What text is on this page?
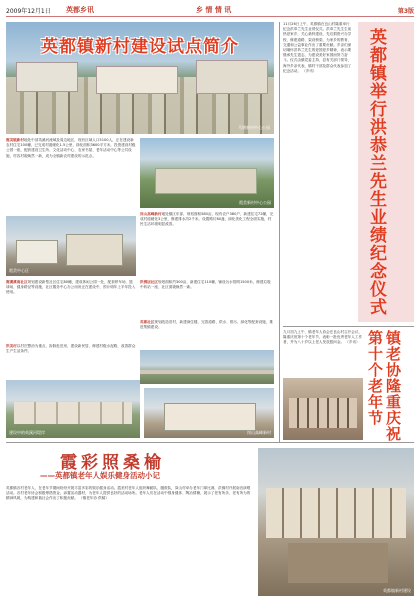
2009年12月1日 英都乡讯	乡 情 情 讯	第3版
英都镇新村建设试点简介
马塘新村中心公园
霞美镇新村地处中部英溪河流域及周边地区，现有区域人口5100人，正在建设新农村住宅100幢，已完成村道硬化1.5公里、绿化面积3600平方米，投资建设村级公园一座，配套建设卫生所、文化活动中心、农家书屋、老年活动中心等公共设施，村容村貌焕然一新，成为全镇新农村建设的示范点。
霞美新村中心公园
霞美中心区
岗山高峰新村地处镇区东部，规划面积580亩，现有农户380户，新建住宅72幢，完成村道硬化3公里，修建排水沟2千米，设置路灯60盏，绿化美化工程全面实施，村民生活环境明显改善。
霞溪溪南社区规划建设新型社区住宅80幢，建成休闲公园一处，配套停车场、篮球场、健身路径等设施，社区服务中心办公用房正在建设中，预计明年上半年投入使用。
洪佛居社区规划面积约300亩，新建住宅110幢，铺设污水管网1500米，修建垃圾中转站一座，社区面貌焕然一新。
英都社区规划改造旧村，新建商住楼，完善道路、供水、排污、绿化等配套设施，推进集镇建设。
洪美村以村庄整治为重点，拆除危旧房，建设新民居，修建村级水泥路，改善群众生产生活条件。
建设中的英溪河堤岸	岗山高峰新村
11月26日上午，英都镇在良山村隆重举行纪念洪恭兰先生业绩仪式。洪恭兰先生生前热爱家乡，关心桑梓建设，先后捐资兴办学校、修建道路、架设桥梁，为家乡的教育、交通和公益事业作出了重要贡献。乡亲们深切缅怀洪恭兰先生的爱国爱乡精神，表示要继承先生遗志，为建设美好家园而努力奋斗。仪式由镇党委主持，县有关部门领导、海外乡亲代表、镇村干部及群众代表参加了纪念活动。 （乡讯）	英都镇举行洪恭兰先生业绩纪念仪式
九月初九上午，镇老年人协会在良山村召开会议，隆重庆祝第十个老年节，表彰一批优秀老年人工作者，并为八十岁以上老人发放慰问金。 （乡讯）	镇老协隆重庆祝第十个老年节
霞彩照桑榆
——英都镇老年人娱乐健身活动小记
英都镇各村老年人，在老年节期间纷纷开展丰富多彩的娱乐健身活动。霞美村老年人组织舞蹈队、腰鼓队，岗山村举办老年门球比赛，洪佛村开展南音演唱活动。各村老年协会积极筹措资金，添置活动器材，为老年人提供良好的活动场所。老年人们在活动中强身健体、陶冶情操，展示了老有所乐、老有所为的精神风貌，为构建和谐社会作出了积极贡献。 （镇老年协 供稿）
英都镇新村建设
